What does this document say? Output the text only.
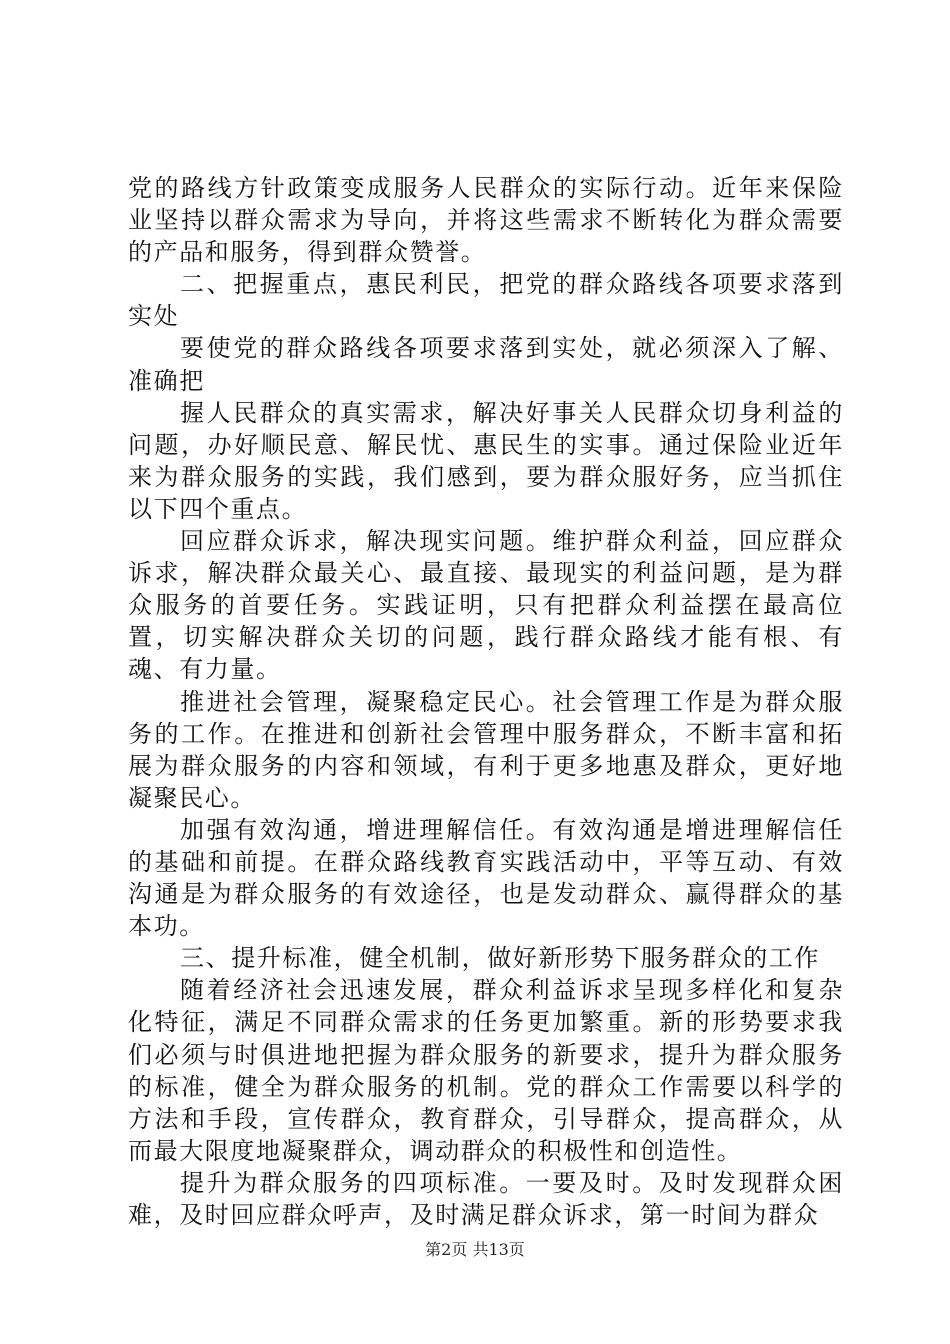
党的路线方针政策变成服务人民群众的实际行动。近年来保险业坚持以群众需求为导向，并将这些需求不断转化为群众需要的产品和服务，得到群众赞誉。

二、把握重点，惠民利民，把党的群众路线各项要求落到实处

要使党的群众路线各项要求落到实处，就必须深入了解、准确把

握人民群众的真实需求，解决好事关人民群众切身利益的问题，办好顺民意、解民忧、惠民生的实事。通过保险业近年来为群众服务的实践，我们感到，要为群众服好务，应当抓住以下四个重点。

回应群众诉求，解决现实问题。维护群众利益，回应群众诉求，解决群众最关心、最直接、最现实的利益问题，是为群众服务的首要任务。实践证明，只有把群众利益摆在最高位置，切实解决群众关切的问题，践行群众路线才能有根、有魂、有力量。

推进社会管理，凝聚稳定民心。社会管理工作是为群众服务的工作。在推进和创新社会管理中服务群众，不断丰富和拓展为群众服务的内容和领域，有利于更多地惠及群众，更好地凝聚民心。

加强有效沟通，增进理解信任。有效沟通是增进理解信任的基础和前提。在群众路线教育实践活动中，平等互动、有效沟通是为群众服务的有效途径，也是发动群众、赢得群众的基本功。

三、提升标准，健全机制，做好新形势下服务群众的工作

随着经济社会迅速发展，群众利益诉求呈现多样化和复杂化特征，满足不同群众需求的任务更加繁重。新的形势要求我们必须与时俱进地把握为群众服务的新要求，提升为群众服务的标准，健全为群众服务的机制。党的群众工作需要以科学的方法和手段，宣传群众，教育群众，引导群众，提高群众，从而最大限度地凝聚群众，调动群众的积极性和创造性。

提升为群众服务的四项标准。一要及时。及时发现群众困难，及时回应群众呼声，及时满足群众诉求，第一时间为群众

第2页 共13页
